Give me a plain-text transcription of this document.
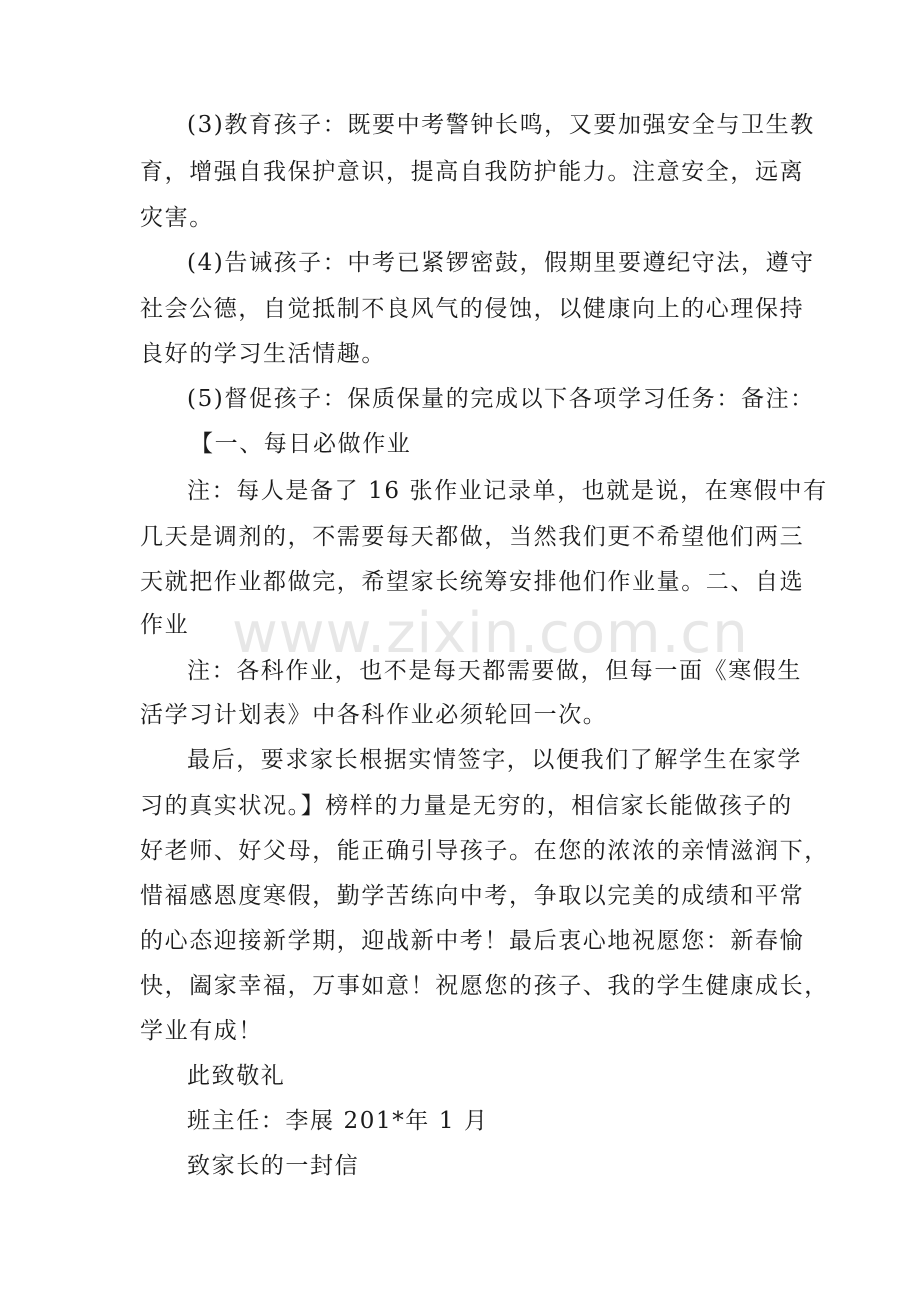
www.zixin.com.cn
(3)教育孩子：既要中考警钟长鸣，又要加强安全与卫生教
育，增强自我保护意识，提高自我防护能力。注意安全，远离
灾害。
(4)告诫孩子：中考已紧锣密鼓，假期里要遵纪守法，遵守
社会公德，自觉抵制不良风气的侵蚀，以健康向上的心理保持
良好的学习生活情趣。
(5)督促孩子：保质保量的完成以下各项学习任务：备注：
【一、每日必做作业
注：每人是备了 16 张作业记录单，也就是说，在寒假中有
几天是调剂的，不需要每天都做，当然我们更不希望他们两三
天就把作业都做完，希望家长统筹安排他们作业量。二、自选
作业
注：各科作业，也不是每天都需要做，但每一面《寒假生
活学习计划表》中各科作业必须轮回一次。
最后，要求家长根据实情签字，以便我们了解学生在家学
习的真实状况。】榜样的力量是无穷的，相信家长能做孩子的
好老师、好父母，能正确引导孩子。在您的浓浓的亲情滋润下，
惜福感恩度寒假，勤学苦练向中考，争取以完美的成绩和平常
的心态迎接新学期，迎战新中考！最后衷心地祝愿您：新春愉
快，阖家幸福，万事如意！祝愿您的孩子、我的学生健康成长，
学业有成！
此致敬礼
班主任：李展 201*年 1 月
致家长的一封信
